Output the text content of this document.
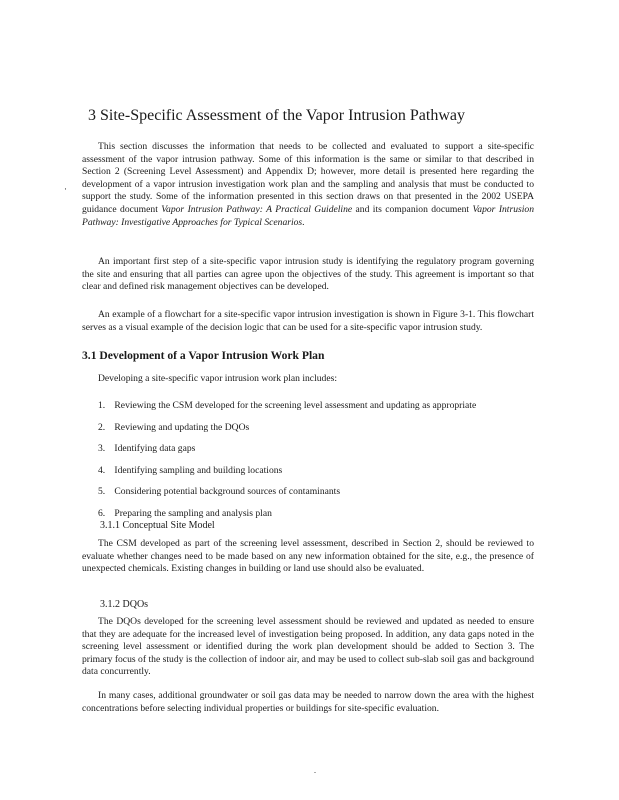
3 Site-Specific Assessment of the Vapor Intrusion Pathway

This section discusses the information that needs to be collected and evaluated to support a site-specific assessment of the vapor intrusion pathway. Some of this information is the same or similar to that described in Section 2 (Screening Level Assessment) and Appendix D; however, more detail is presented here regarding the development of a vapor intrusion investigation work plan and the sampling and analysis that must be conducted to support the study. Some of the information presented in this section draws on that presented in the 2002 USEPA guidance document Vapor Intrusion Pathway: A Practical Guideline and its companion document Vapor Intrusion Pathway: Investigative Approaches for Typical Scenarios.

·

An important first step of a site-specific vapor intrusion study is identifying the regulatory program governing the site and ensuring that all parties can agree upon the objectives of the study. This agreement is important so that clear and defined risk management objectives can be developed.

An example of a flowchart for a site-specific vapor intrusion investigation is shown in Figure 3-1. This flowchart serves as a visual example of the decision logic that can be used for a site-specific vapor intrusion study.

3.1 Development of a Vapor Intrusion Work Plan

Developing a site-specific vapor intrusion work plan includes:

1. Reviewing the CSM developed for the screening level assessment and updating as appropriate
2. Reviewing and updating the DQOs
3. Identifying data gaps
4. Identifying sampling and building locations
5. Considering potential background sources of contaminants
6. Preparing the sampling and analysis plan
3.1.1 Conceptual Site Model

The CSM developed as part of the screening level assessment, described in Section 2, should be reviewed to evaluate whether changes need to be made based on any new information obtained for the site, e.g., the presence of unexpected chemicals. Existing changes in building or land use should also be evaluated.

3.1.2 DQOs

The DQOs developed for the screening level assessment should be reviewed and updated as needed to ensure that they are adequate for the increased level of investigation being proposed. In addition, any data gaps noted in the screening level assessment or identified during the work plan development should be added to Section 3. The primary focus of the study is the collection of indoor air, and may be used to collect sub-slab soil gas and background data concurrently.

In many cases, additional groundwater or soil gas data may be needed to narrow down the area with the highest concentrations before selecting individual properties or buildings for site-specific evaluation.

.
